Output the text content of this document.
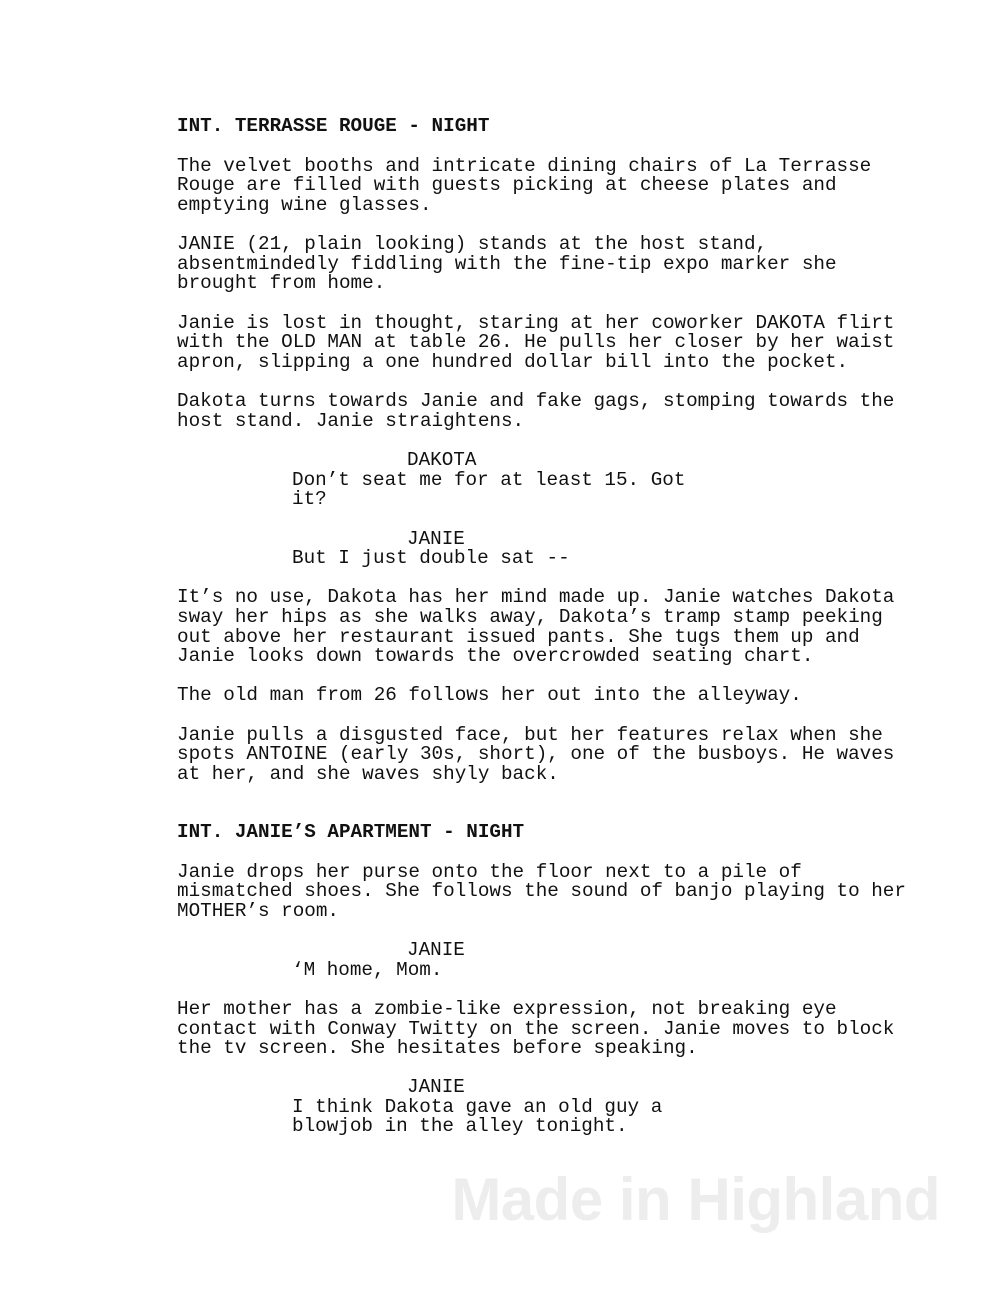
INT. TERRASSE ROUGE - NIGHT
The velvet booths and intricate dining chairs of La Terrasse
Rouge are filled with guests picking at cheese plates and
emptying wine glasses.
JANIE (21, plain looking) stands at the host stand,
absentmindedly fiddling with the fine-tip expo marker she
brought from home.
Janie is lost in thought, staring at her coworker DAKOTA flirt
with the OLD MAN at table 26. He pulls her closer by her waist
apron, slipping a one hundred dollar bill into the pocket.
Dakota turns towards Janie and fake gags, stomping towards the
host stand. Janie straightens.
DAKOTA
Don’t seat me for at least 15. Got
it?
JANIE
But I just double sat --
It’s no use, Dakota has her mind made up. Janie watches Dakota
sway her hips as she walks away, Dakota’s tramp stamp peeking
out above her restaurant issued pants. She tugs them up and
Janie looks down towards the overcrowded seating chart.
The old man from 26 follows her out into the alleyway.
Janie pulls a disgusted face, but her features relax when she
spots ANTOINE (early 30s, short), one of the busboys. He waves
at her, and she waves shyly back.
INT. JANIE’S APARTMENT - NIGHT
Janie drops her purse onto the floor next to a pile of
mismatched shoes. She follows the sound of banjo playing to her
MOTHER’s room.
JANIE
‘M home, Mom.
Her mother has a zombie-like expression, not breaking eye
contact with Conway Twitty on the screen. Janie moves to block
the tv screen. She hesitates before speaking.
JANIE
I think Dakota gave an old guy a
blowjob in the alley tonight.
Made in Highland
